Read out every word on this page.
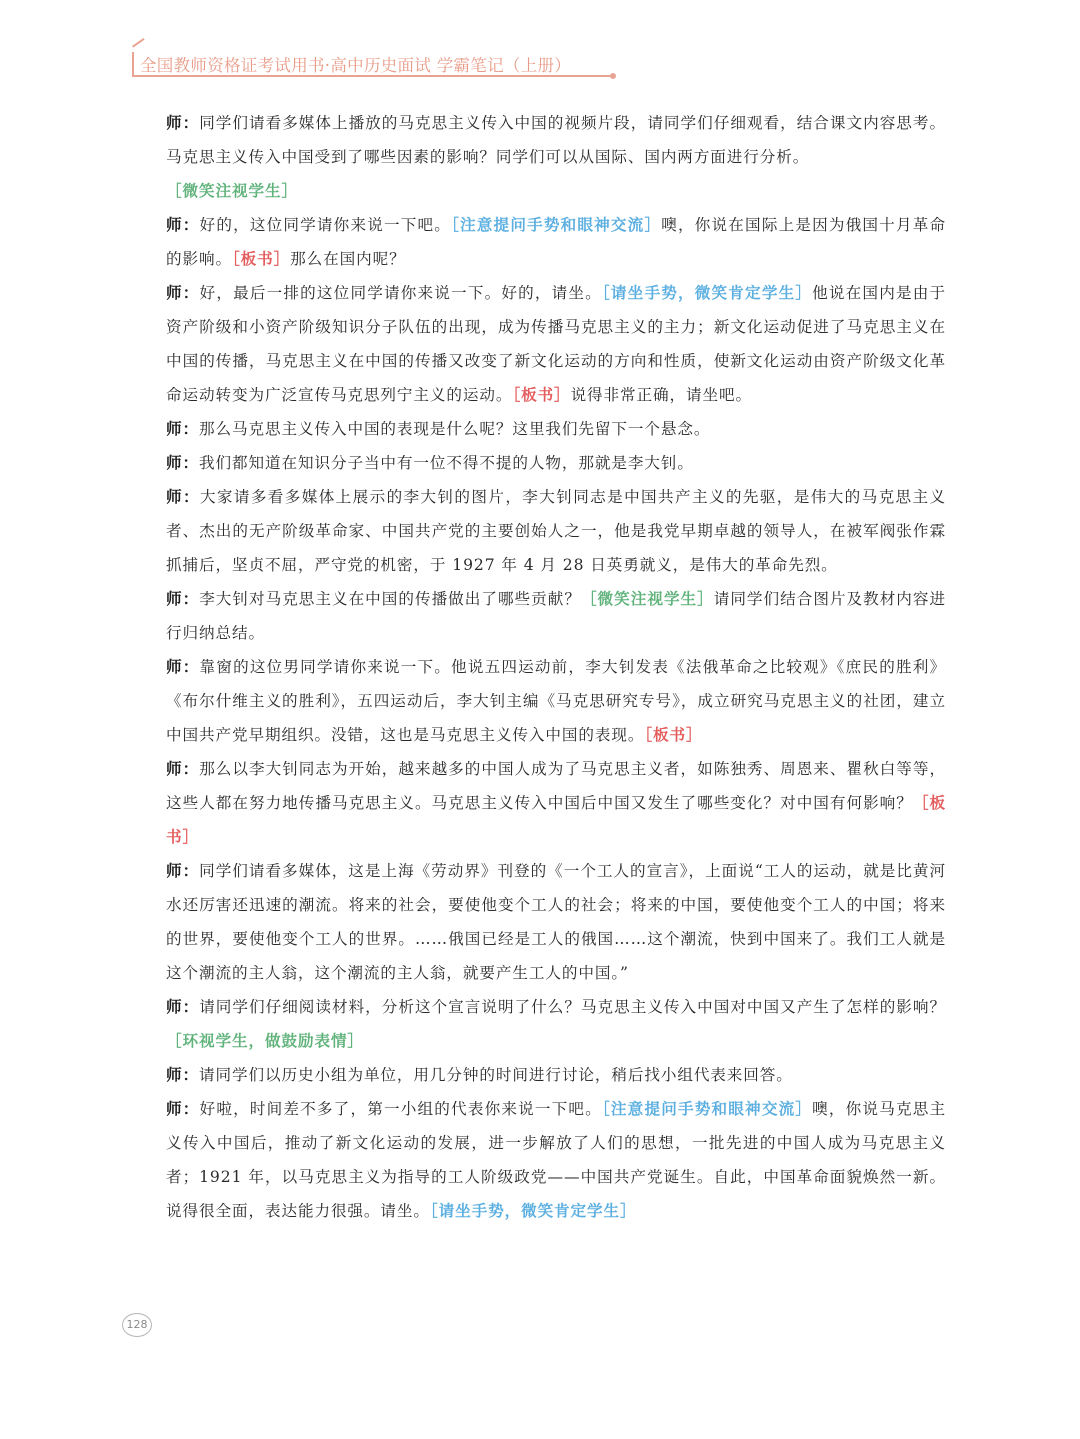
全国教师资格证考试用书·高中历史面试 学霸笔记（上册）

师：同学们请看多媒体上播放的马克思主义传入中国的视频片段，请同学们仔细观看，结合课文内容思考。马克思主义传入中国受到了哪些因素的影响？同学们可以从国际、国内两方面进行分析。

［微笑注视学生］

师：好的，这位同学请你来说一下吧。［注意提问手势和眼神交流］噢，你说在国际上是因为俄国十月革命的影响。［板书］那么在国内呢？

师：好，最后一排的这位同学请你来说一下。好的，请坐。［请坐手势，微笑肯定学生］他说在国内是由于资产阶级和小资产阶级知识分子队伍的出现，成为传播马克思主义的主力；新文化运动促进了马克思主义在中国的传播，马克思主义在中国的传播又改变了新文化运动的方向和性质，使新文化运动由资产阶级文化革命运动转变为广泛宣传马克思列宁主义的运动。［板书］说得非常正确，请坐吧。

师：那么马克思主义传入中国的表现是什么呢？这里我们先留下一个悬念。

师：我们都知道在知识分子当中有一位不得不提的人物，那就是李大钊。

师：大家请多看多媒体上展示的李大钊的图片，李大钊同志是中国共产主义的先驱，是伟大的马克思主义者、杰出的无产阶级革命家、中国共产党的主要创始人之一，他是我党早期卓越的领导人，在被军阀张作霖抓捕后，坚贞不屈，严守党的机密，于 1927 年 4 月 28 日英勇就义，是伟大的革命先烈。

师：李大钊对马克思主义在中国的传播做出了哪些贡献？［微笑注视学生］请同学们结合图片及教材内容进行归纳总结。

师：靠窗的这位男同学请你来说一下。他说五四运动前，李大钊发表《法俄革命之比较观》《庶民的胜利》《布尔什维主义的胜利》，五四运动后，李大钊主编《马克思研究专号》，成立研究马克思主义的社团，建立中国共产党早期组织。没错，这也是马克思主义传入中国的表现。［板书］

师：那么以李大钊同志为开始，越来越多的中国人成为了马克思主义者，如陈独秀、周恩来、瞿秋白等等，这些人都在努力地传播马克思主义。马克思主义传入中国后中国又发生了哪些变化？对中国有何影响？［板书］

师：同学们请看多媒体，这是上海《劳动界》刊登的《一个工人的宣言》，上面说“工人的运动，就是比黄河水还厉害还迅速的潮流。将来的社会，要使他变个工人的社会；将来的中国，要使他变个工人的中国；将来的世界，要使他变个工人的世界。……俄国已经是工人的俄国……这个潮流，快到中国来了。我们工人就是这个潮流的主人翁，这个潮流的主人翁，就要产生工人的中国。”

师：请同学们仔细阅读材料，分析这个宣言说明了什么？马克思主义传入中国对中国又产生了怎样的影响？［环视学生，做鼓励表情］

师：请同学们以历史小组为单位，用几分钟的时间进行讨论，稍后找小组代表来回答。

师：好啦，时间差不多了，第一小组的代表你来说一下吧。［注意提问手势和眼神交流］噢，你说马克思主义传入中国后，推动了新文化运动的发展，进一步解放了人们的思想，一批先进的中国人成为马克思主义者；1921 年，以马克思主义为指导的工人阶级政党——中国共产党诞生。自此，中国革命面貌焕然一新。说得很全面，表达能力很强。请坐。［请坐手势，微笑肯定学生］

128
